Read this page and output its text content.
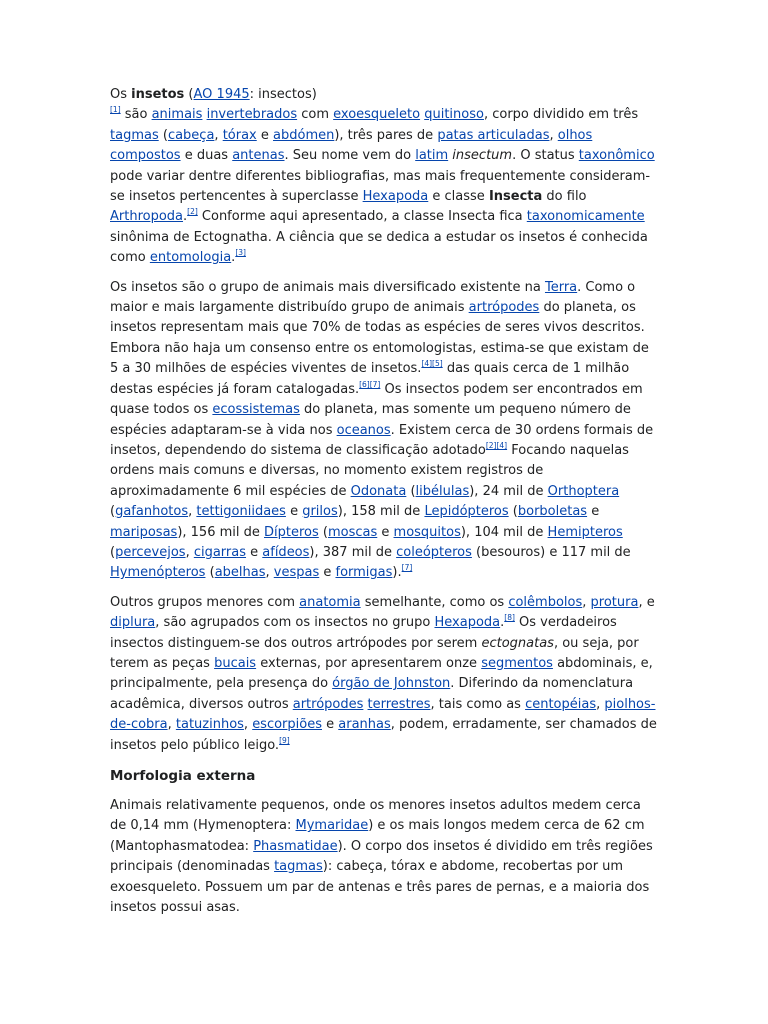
Os insetos (AO 1945: insectos)
[1] são animais invertebrados com exoesqueleto quitinoso, corpo dividido em três tagmas (cabeça, tórax e abdómen), três pares de patas articuladas, olhos compostos e duas antenas. Seu nome vem do latim insectum. O status taxonômico pode variar dentre diferentes bibliografias, mas mais frequentemente consideram-se insetos pertencentes à superclasse Hexapoda e classe Insecta do filo Arthropoda.[2] Conforme aqui apresentado, a classe Insecta fica taxonomicamente sinônima de Ectognatha. A ciência que se dedica a estudar os insetos é conhecida como entomologia.[3]

Os insetos são o grupo de animais mais diversificado existente na Terra. Como o maior e mais largamente distribuído grupo de animais artrópodes do planeta, os insetos representam mais que 70% de todas as espécies de seres vivos descritos. Embora não haja um consenso entre os entomologistas, estima-se que existam de 5 a 30 milhões de espécies viventes de insetos.[4][5] das quais cerca de 1 milhão destas espécies já foram catalogadas.[6][7] Os insectos podem ser encontrados em quase todos os ecossistemas do planeta, mas somente um pequeno número de espécies adaptaram-se à vida nos oceanos. Existem cerca de 30 ordens formais de insetos, dependendo do sistema de classificação adotado[2][4] Focando naquelas ordens mais comuns e diversas, no momento existem registros de aproximadamente 6 mil espécies de Odonata (libélulas), 24 mil de Orthoptera (gafanhotos, tettigoniidaes e grilos), 158 mil de Lepidópteros (borboletas e mariposas), 156 mil de Dípteros (moscas e mosquitos), 104 mil de Hemipteros (percevejos, cigarras e afídeos), 387 mil de coleópteros (besouros) e 117 mil de Hymenópteros (abelhas, vespas e formigas).[7]

Outros grupos menores com anatomia semelhante, como os colêmbolos, protura, e diplura, são agrupados com os insectos no grupo Hexapoda.[8] Os verdadeiros insectos distinguem-se dos outros artrópodes por serem ectognatas, ou seja, por terem as peças bucais externas, por apresentarem onze segmentos abdominais, e, principalmente, pela presença do órgão de Johnston. Diferindo da nomenclatura acadêmica, diversos outros artrópodes terrestres, tais como as centopéias, piolhos-de-cobra, tatuzinhos, escorpiões e aranhas, podem, erradamente, ser chamados de insetos pelo público leigo.[9]

Morfologia externa

Animais relativamente pequenos, onde os menores insetos adultos medem cerca de 0,14 mm (Hymenoptera: Mymaridae) e os mais longos medem cerca de 62 cm (Mantophasmatodea: Phasmatidae). O corpo dos insetos é dividido em três regiões principais (denominadas tagmas): cabeça, tórax e abdome, recobertas por um exoesqueleto. Possuem um par de antenas e três pares de pernas, e a maioria dos insetos possui asas.
